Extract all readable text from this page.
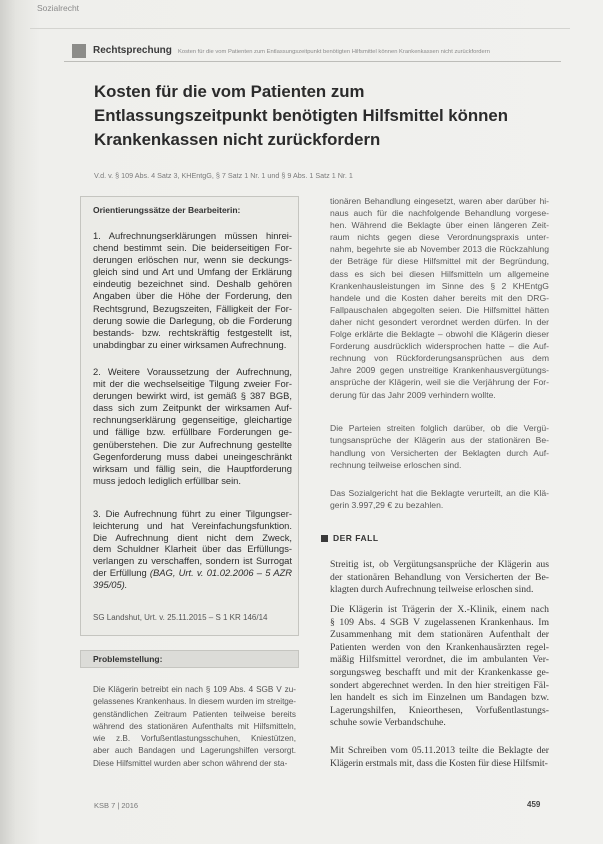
Sozialrecht
Rechtsprechung Kosten für die vom Patienten zum Entlassungszeitpunkt benötigten Hilfsmittel können Krankenkassen nicht zurückfordern
Kosten für die vom Patienten zum
Entlassungszeitpunkt benötigten Hilfsmittel können
Krankenkassen nicht zurückfordern
V.d. v. § 109 Abs. 4 Satz 3, KHEntgG, § 7 Satz 1 Nr. 1 und § 9 Abs. 1 Satz 1 Nr. 1
Orientierungssätze der Bearbeiterin:
1. Aufrechnungserklärungen müssen hinrei-
chend bestimmt sein. Die beiderseitigen For-
derungen erlöschen nur, wenn sie deckungs-
gleich sind und Art und Umfang der Erklärung
eindeutig bezeichnet sind. Deshalb gehören
Angaben über die Höhe der Forderung, den
Rechtsgrund, Bezugszeiten, Fälligkeit der For-
derung sowie die Darlegung, ob die Forderung
bestands- bzw. rechtskräftig festgestellt ist,
unabdingbar zu einer wirksamen Aufrechnung.
2. Weitere Voraussetzung der Aufrechnung,
mit der die wechselseitige Tilgung zweier For-
derungen bewirkt wird, ist gemäß § 387 BGB,
dass sich zum Zeitpunkt der wirksamen Auf-
rechnungserklärung gegenseitige, gleichartige
und fällige bzw. erfüllbare Forderungen ge-
genüberstehen. Die zur Aufrechnung gestellte
Gegenforderung muss dabei uneingeschränkt
wirksam und fällig sein, die Hauptforderung
muss jedoch lediglich erfüllbar sein.
3. Die Aufrechnung führt zu einer Tilgungser-
leichterung und hat Vereinfachungsfunktion.
Die Aufrechnung dient nicht dem Zweck,
dem Schuldner Klarheit über das Erfüllungs-
verlangen zu verschaffen, sondern ist Surrogat
der Erfüllung (BAG, Urt. v. 01.02.2006 – 5 AZR
395/05).
SG Landshut, Urt. v. 25.11.2015 – S 1 KR 146/14
Problemstellung:
Die Klägerin betreibt ein nach § 109 Abs. 4 SGB V zu-
gelassenes Krankenhaus. In diesem wurden im streitge-
genständlichen Zeitraum Patienten teilweise bereits
während des stationären Aufenthalts mit Hilfsmitteln,
wie z.B. Vorfußentlastungsschuhen, Kniestützen,
aber auch Bandagen und Lagerungshilfen versorgt.
Diese Hilfsmittel wurden aber schon während der sta-
tionären Behandlung eingesetzt, waren aber darüber hi-
naus auch für die nachfolgende Behandlung vorgese-
hen. Während die Beklagte über einen längeren Zeit-
raum nichts gegen diese Verordnungspraxis unter-
nahm, begehrte sie ab November 2013 die Rückzahlung
der Beträge für diese Hilfsmittel mit der Begründung,
dass es sich bei diesen Hilfsmitteln um allgemeine
Krankenhausleistungen im Sinne des § 2 KHEntgG
handele und die Kosten daher bereits mit den DRG-
Fallpauschalen abgegolten seien. Die Hilfsmittel hätten
daher nicht gesondert verordnet werden dürfen. In der
Folge erklärte die Beklagte – obwohl die Klägerin dieser
Forderung ausdrücklich widersprochen hatte – die Auf-
rechnung von Rückforderungsansprüchen aus dem
Jahre 2009 gegen unstreitige Krankenhausvergütungs-
ansprüche der Klägerin, weil sie die Verjährung der For-
derung für das Jahr 2009 verhindern wollte.
Die Parteien streiten folglich darüber, ob die Vergü-
tungsansprüche der Klägerin aus der stationären Be-
handlung von Versicherten der Beklagten durch Auf-
rechnung teilweise erloschen sind.
Das Sozialgericht hat die Beklagte verurteilt, an die Klä-
gerin 3.997,29 € zu bezahlen.
DER FALL
Streitig ist, ob Vergütungsansprüche der Klägerin aus
der stationären Behandlung von Versicherten der Be-
klagten durch Aufrechnung teilweise erloschen sind.
Die Klägerin ist Trägerin der X.-Klinik, einem nach
§ 109 Abs. 4 SGB V zugelassenen Krankenhaus. Im
Zusammenhang mit dem stationären Aufenthalt der
Patienten werden von den Krankenhausärzten regel-
mäßig Hilfsmittel verordnet, die im ambulanten Ver-
sorgungsweg beschafft und mit der Krankenkasse ge-
sondert abgerechnet werden. In den hier streitigen Fäl-
len handelt es sich im Einzelnen um Bandagen bzw.
Lagerungshilfen, Knieorthesen, Vorfußentlastungs-
schuhe sowie Verbandschuhe.
Mit Schreiben vom 05.11.2013 teilte die Beklagte der
Klägerin erstmals mit, dass die Kosten für diese Hilfsmit-
KSB 7 | 2016	459
